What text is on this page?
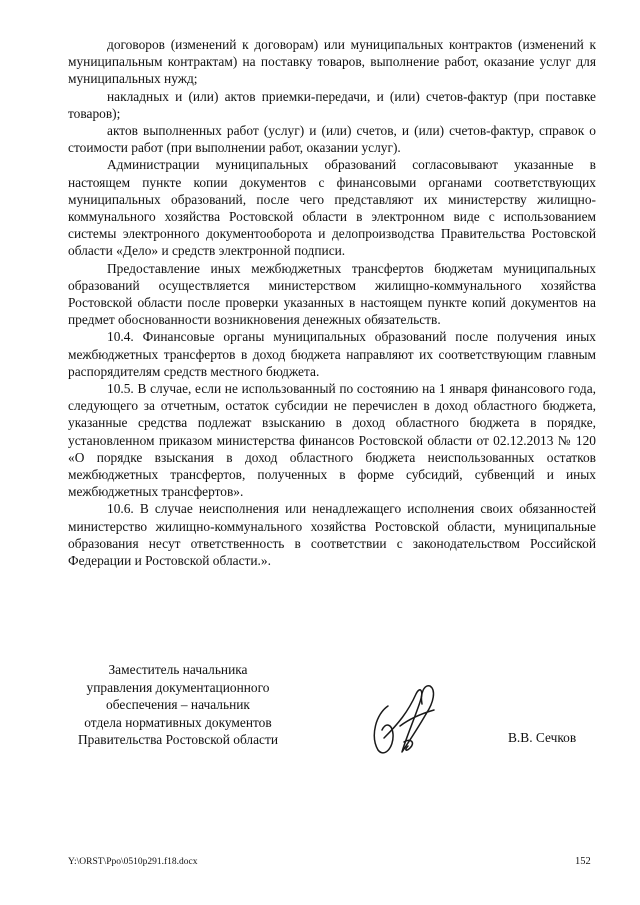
договоров (изменений к договорам) или муниципальных контрактов (изменений к муниципальным контрактам) на поставку товаров, выполнение работ, оказание услуг для муниципальных нужд;

накладных и (или) актов приемки-передачи, и (или) счетов-фактур (при поставке товаров);

актов выполненных работ (услуг) и (или) счетов, и (или) счетов-фактур, справок о стоимости работ (при выполнении работ, оказании услуг).

Администрации муниципальных образований согласовывают указанные в настоящем пункте копии документов с финансовыми органами соответствующих муниципальных образований, после чего представляют их министерству жилищно-коммунального хозяйства Ростовской области в электронном виде с использованием системы электронного документооборота и делопроизводства Правительства Ростовской области «Дело» и средств электронной подписи.

Предоставление иных межбюджетных трансфертов бюджетам муниципальных образований осуществляется министерством жилищно-коммунального хозяйства Ростовской области после проверки указанных в настоящем пункте копий документов на предмет обоснованности возникновения денежных обязательств.

10.4. Финансовые органы муниципальных образований после получения иных межбюджетных трансфертов в доход бюджета направляют их соответствующим главным распорядителям средств местного бюджета.

10.5. В случае, если не использованный по состоянию на 1 января финансового года, следующего за отчетным, остаток субсидии не перечислен в доход областного бюджета, указанные средства подлежат взысканию в доход областного бюджета в порядке, установленном приказом министерства финансов Ростовской области от 02.12.2013 № 120 «О порядке взыскания в доход областного бюджета неиспользованных остатков межбюджетных трансфертов, полученных в форме субсидий, субвенций и иных межбюджетных трансфертов».

10.6. В случае неисполнения или ненадлежащего исполнения своих обязанностей министерство жилищно-коммунального хозяйства Ростовской области, муниципальные образования несут ответственность в соответствии с законодательством Российской Федерации и Ростовской области.».

Заместитель начальника
управления документационного
обеспечения – начальник
отдела нормативных документов
Правительства Ростовской области	В.В. Сечков
Y:\ORST\Ppo\0510p291.f18.docx	152
